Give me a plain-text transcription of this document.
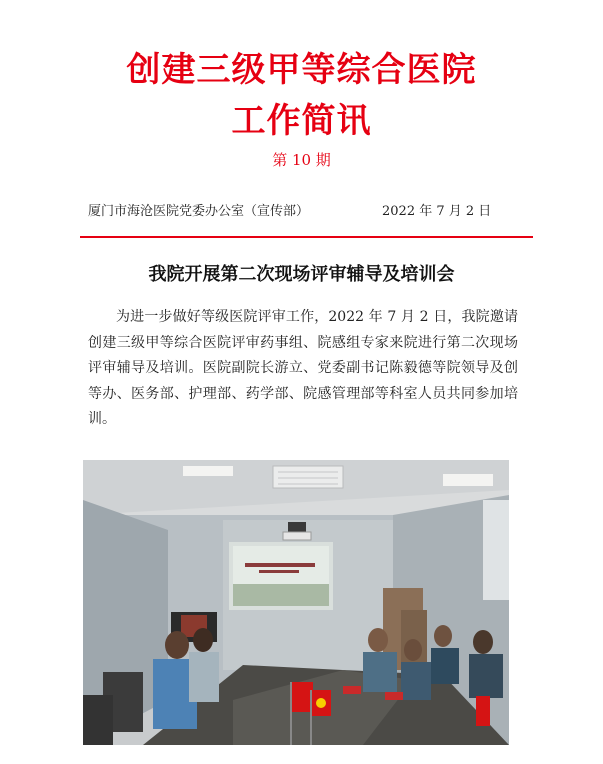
创建三级甲等综合医院
工作简讯
第 10 期
厦门市海沧医院党委办公室（宣传部）	2022 年 7 月 2 日
我院开展第二次现场评审辅导及培训会

为进一步做好等级医院评审工作，2022 年 7 月 2 日，我院邀请创建三级甲等综合医院评审药事组、院感组专家来院进行第二次现场评审辅导及培训。医院副院长游立、党委副书记陈毅德等院领导及创等办、医务部、护理部、药学部、院感管理部等科室人员共同参加培训。
